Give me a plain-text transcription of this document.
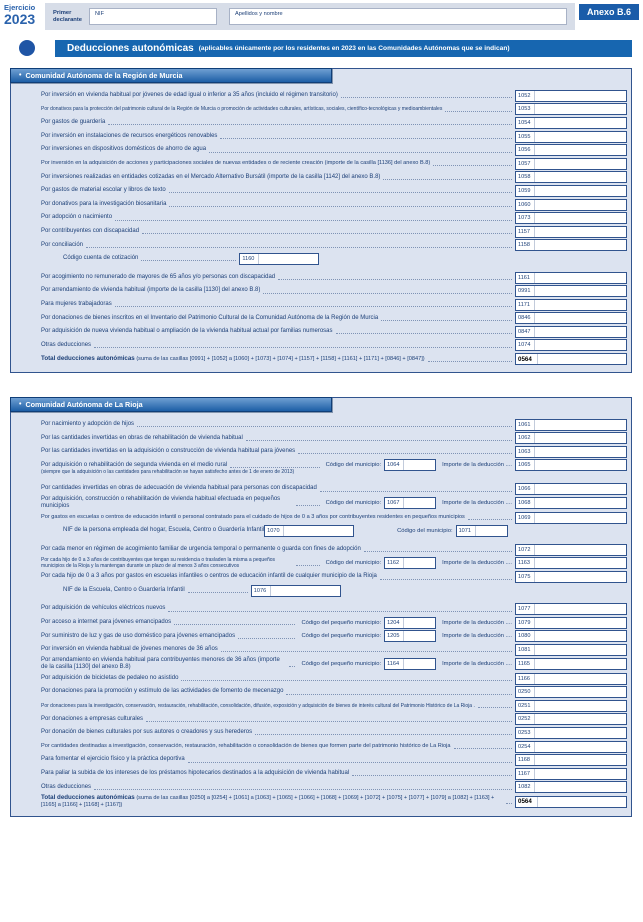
Ejercicio
2023	Primer declarante
NIF	Apellidos y nombre	Anexo B.6
Deducciones autonómicas (aplicables únicamente por los residentes en 2023 en las Comunidades Autónomas que se indican)
• Comunidad Autónoma de la Región de Murcia
Por inversión en vivienda habitual por jóvenes de edad igual o inferior a 35 años (incluido el régimen transitorio)	1052
Por donativos para la protección del patrimonio cultural de la Región de Murcia o promoción de actividades culturales, artísticas, sociales, científico-tecnológicas y medioambientales	1053
Por gastos de guardería	1054
Por inversión en instalaciones de recursos energéticos renovables	1055
Por inversiones en dispositivos domésticos de ahorro de agua	1056
Por inversión en la adquisición de acciones y participaciones sociales de nuevas entidades o de reciente creación (importe de la casilla [1136] del anexo B.8)	1057
Por inversiones realizadas en entidades cotizadas en el Mercado Alternativo Bursátil (importe de la casilla [1142] del anexo B.8)	1058
Por gastos de material escolar y libros de texto	1059
Por donativos para la investigación biosanitaria	1060
Por adopción o nacimiento	1073
Por contribuyentes con discapacidad	1157
Por conciliación	1158
Código cuenta de cotización	1160
Por acogimiento no remunerado de mayores de 65 años y/o personas con discapacidad	1161
Por arrendamiento de vivienda habitual (importe de la casilla [1130] del anexo B.8)	0991
Para mujeres trabajadoras	1171
Por donaciones de bienes inscritos en el Inventario del Patrimonio Cultural de la Comunidad Autónoma de la Región de Murcia	0846
Por adquisición de nueva vivienda habitual o ampliación de la vivienda habitual actual por familias numerosas	0847
Otras deducciones	1074
Total deducciones autonómicas (suma de las casillas [0991] + [1052] a [1060] + [1073] + [1074] + [1157] + [1158] + [1161] + [1171] + [0846] + [0847])	0564
• Comunidad Autónoma de La Rioja
Por nacimiento y adopción de hijos	1061
Por las cantidades invertidas en obras de rehabilitación de vivienda habitual	1062
Por las cantidades invertidas en la adquisición o construcción de vivienda habitual para jóvenes	1063
Por adquisición o rehabilitación de segunda vivienda en el medio rural	Código del municipio:	1064	Importe de la deducción ....	1065
(siempre que la adquisición o las cantidades para rehabilitación se hayan satisfecho antes de 1 de enero de 2013)
Por cantidades invertidas en obras de adecuación de vivienda habitual para personas con discapacidad	1066
Por adquisición, construcción o rehabilitación de vivienda habitual efectuada en pequeños municipios	Código del municipio:	1067	Importe de la deducción ....	1068
Por gastos en escuelas o centros de educación infantil o personal contratado para el cuidado de hijos de 0 a 3 años por contribuyentes residentes en pequeños municipios	1069
NIF de la persona empleada del hogar, Escuela, Centro o Guardería Infantil 1070	Código del municipio:	1071
Por cada menor en régimen de acogimiento familiar de urgencia temporal o permanente o guarda con fines de adopción	1072
Por cada hijo de 0 a 3 años de contribuyentes que tengan su residencia o trasladen la misma a pequeños municipios de la Rioja y la mantengan durante un plazo de al menos 3 años consecutivos	Código del municipio:	1162	Importe de la deducción ....	1163
Por cada hijo de 0 a 3 años por gastos en escuelas infantiles o centros de educación infantil de cualquier municipio de la Rioja	1075
NIF de la Escuela, Centro o Guardería Infantil	1076
Por adquisición de vehículos eléctricos nuevos	1077
Por acceso a internet para jóvenes emancipados	Código del pequeño municipio:	1204	Importe de la deducción ....	1079
Por suministro de luz y gas de uso doméstico para jóvenes emancipados	Código del pequeño municipio:	1205	Importe de la deducción ....	1080
Por inversión en vivienda habitual de jóvenes menores de 36 años	1081
Por arrendamiento en vivienda habitual para contribuyentes menores de 36 años (importe de la casilla [1130] del anexo B.8)	Código del pequeño municipio:	1164	Importe de la deducción ....	1165
Por adquisición de bicicletas de pedaleo no asistido	1166
Por donaciones para la promoción y estímulo de las actividades de fomento de mecenazgo	0250
Por donaciones para la investigación, conservación, restauración, rehabilitación, consolidación, difusión, exposición y adquisición de bienes de interés cultural del Patrimonio Histórico de La Rioja .	0251
Por donaciones a empresas culturales	0252
Por donación de bienes culturales por sus autores o creadores y sus herederos	0253
Por cantidades destinadas a investigación, conservación, restauración, rehabilitación o consolidación de bienes que formen parte del patrimonio histórico de La Rioja	0254
Para fomentar el ejercicio físico y la práctica deportiva	1168
Para paliar la subida de los intereses de los préstamos hipotecarios destinados a la adquisición de vivienda habitual	1167
Otras deducciones	1082
Total deducciones autonómicas (suma de las casillas [0250] a [0254] + [1061] a [1063] + [1065] + [1066] + [1068] + [1069] + [1072] + [1075] + [1077] + [1079] a [1082] + [1163] + [1165] a [1166] + [1168] + [1167])	0564
